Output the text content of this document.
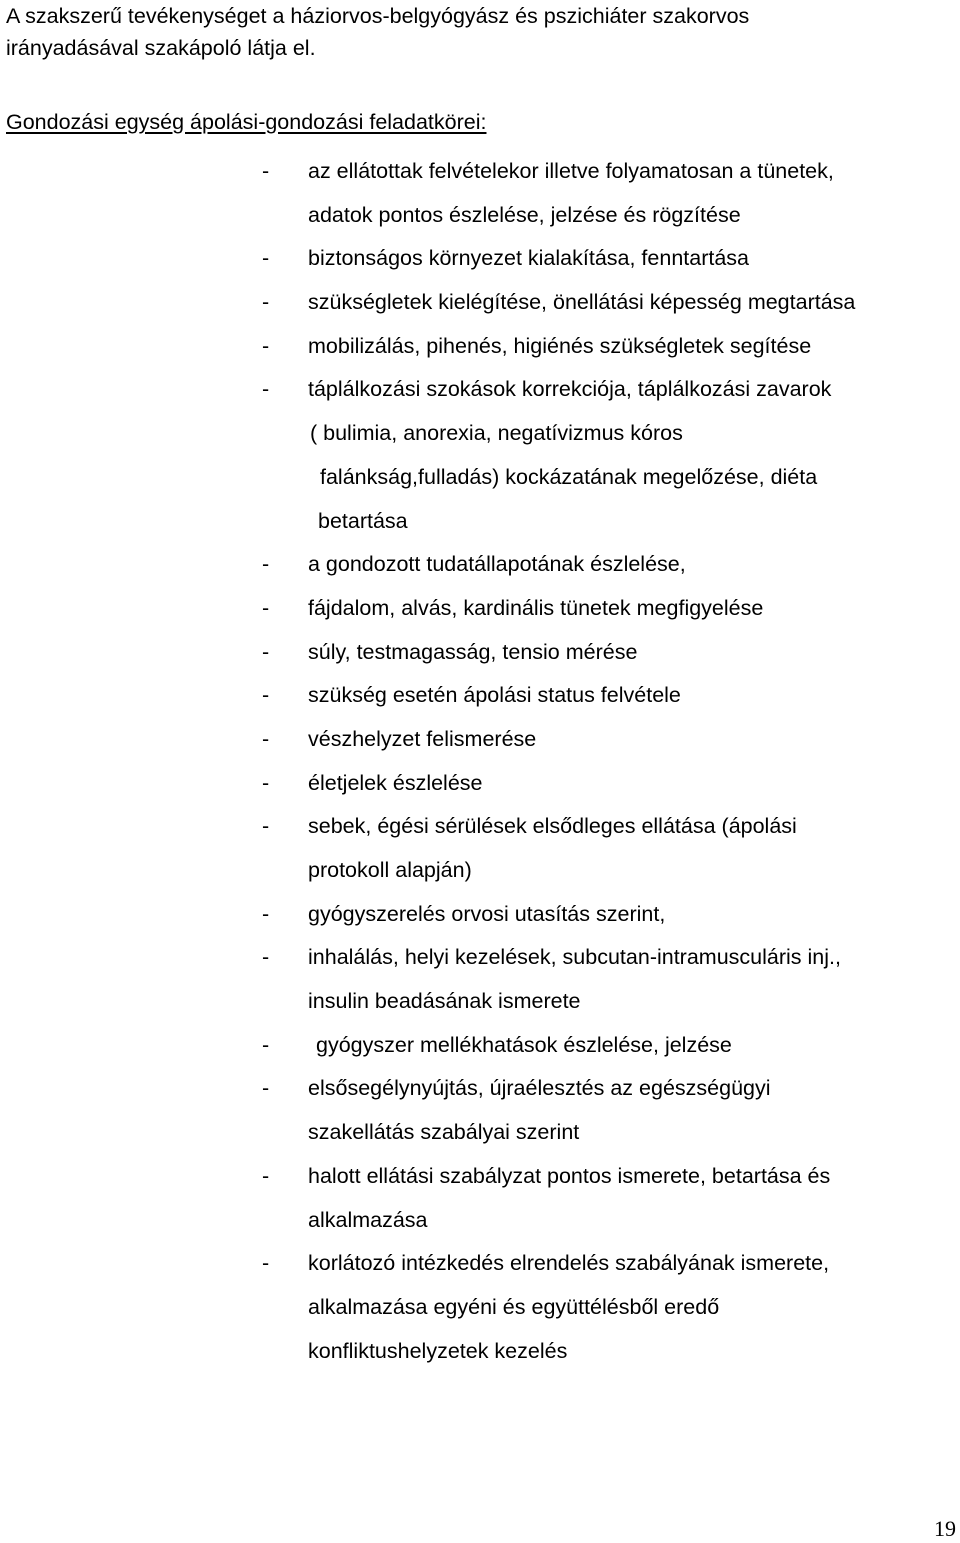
A szakszerű tevékenységet a háziorvos-belgyógyász és pszichiáter szakorvos
irányadásával szakápoló látja el.
Gondozási egység ápolási-gondozási feladatkörei:
- az ellátottak felvételekor illetve folyamatosan a tünetek,
adatok pontos észlelése, jelzése és rögzítése
- biztonságos környezet kialakítása, fenntartása
- szükségletek kielégítése, önellátási képesség megtartása
- mobilizálás, pihenés, higiénés szükségletek segítése
- táplálkozási szokások korrekciója, táplálkozási zavarok
( bulimia, anorexia, negatívizmus kóros
falánkság,fulladás) kockázatának megelőzése, diéta
betartása
- a gondozott tudatállapotának észlelése,
- fájdalom, alvás, kardinális tünetek megfigyelése
- súly, testmagasság, tensio mérése
- szükség esetén ápolási status felvétele
- vészhelyzet felismerése
- életjelek észlelése
- sebek, égési sérülések elsődleges ellátása (ápolási
protokoll alapján)
- gyógyszerelés orvosi utasítás szerint,
- inhalálás, helyi kezelések, subcutan-intramusculáris inj.,
insulin beadásának ismerete
- gyógyszer mellékhatások észlelése, jelzése
- elsősegélynyújtás, újraélesztés az egészségügyi
szakellátás szabályai szerint
- halott ellátási szabályzat pontos ismerete, betartása és
alkalmazása
- korlátozó intézkedés elrendelés szabályának ismerete,
alkalmazása egyéni és együttélésből eredő
konfliktushelyzetek kezelés
19
